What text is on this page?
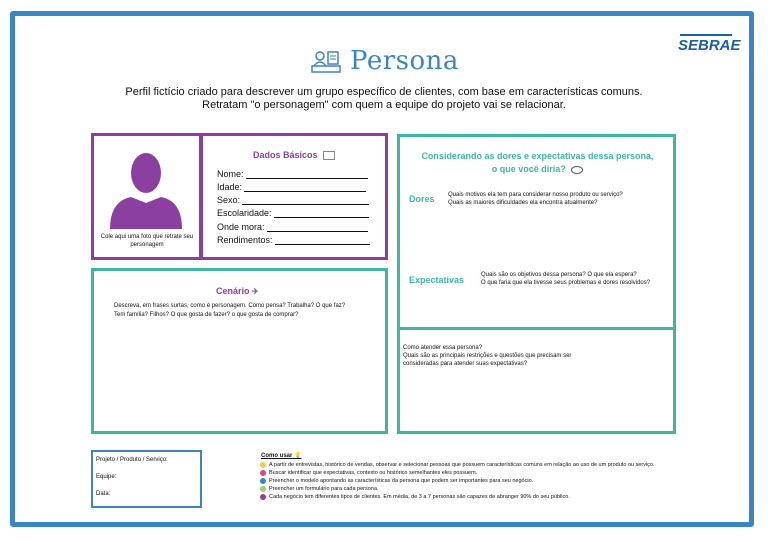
Persona
SEBRAE
Perfil fictício criado para descrever um grupo específico de clientes, com base em características comuns.
Retratam "o personagem" com quem a equipe do projeto vai se relacionar.
Cole aqui uma foto que retrate seu personagem
Dados Básicos
Nome:
Idade:
Sexo:
Escolaridade:
Onde mora:
Rendimentos:
Cenário ✈
Descreva, em frases surtas, como é personagem. Como pensa? Trabalha? O que faz?
Tem família? Filhos? O que gosta de fazer? o que gosta de comprar?
Considerando as dores e expectativas dessa persona,
o que você diria?
Dores Quais motivos ela tem para considerar nosso produto ou serviço?
Quais as maiores dificuldades ela encontra atualmente?
Expectativas	Quais são os objetivos dessa persona? O que ela espera?
O que faria que ela tivesse seus problemas e dores resolvidos?
Como atender essa persona?
Quais são as principais restrições e questões que precisam ser
consideradas para atender suas expectativas?
Projeto / Produto / Serviço:
Equipe:
Data:
Como usar 💡
A partir de entrevistas, histórico de vendas, observar e selecionar pessoas que possuem características comuns em relação ao uso de um produto ou serviço.
Buscar identificar que expectativas, contexto ou histórico semelhantes eles possuem.
Preencher o modelo apontando as características da persona que podem ser importantes para seu negócio.
Preencher um formulário para cada persona.
Cada negócio tem diferentes tipos de clientes. Em média, de 3 a 7 personas são capazes de abranger 90% do seu público.
